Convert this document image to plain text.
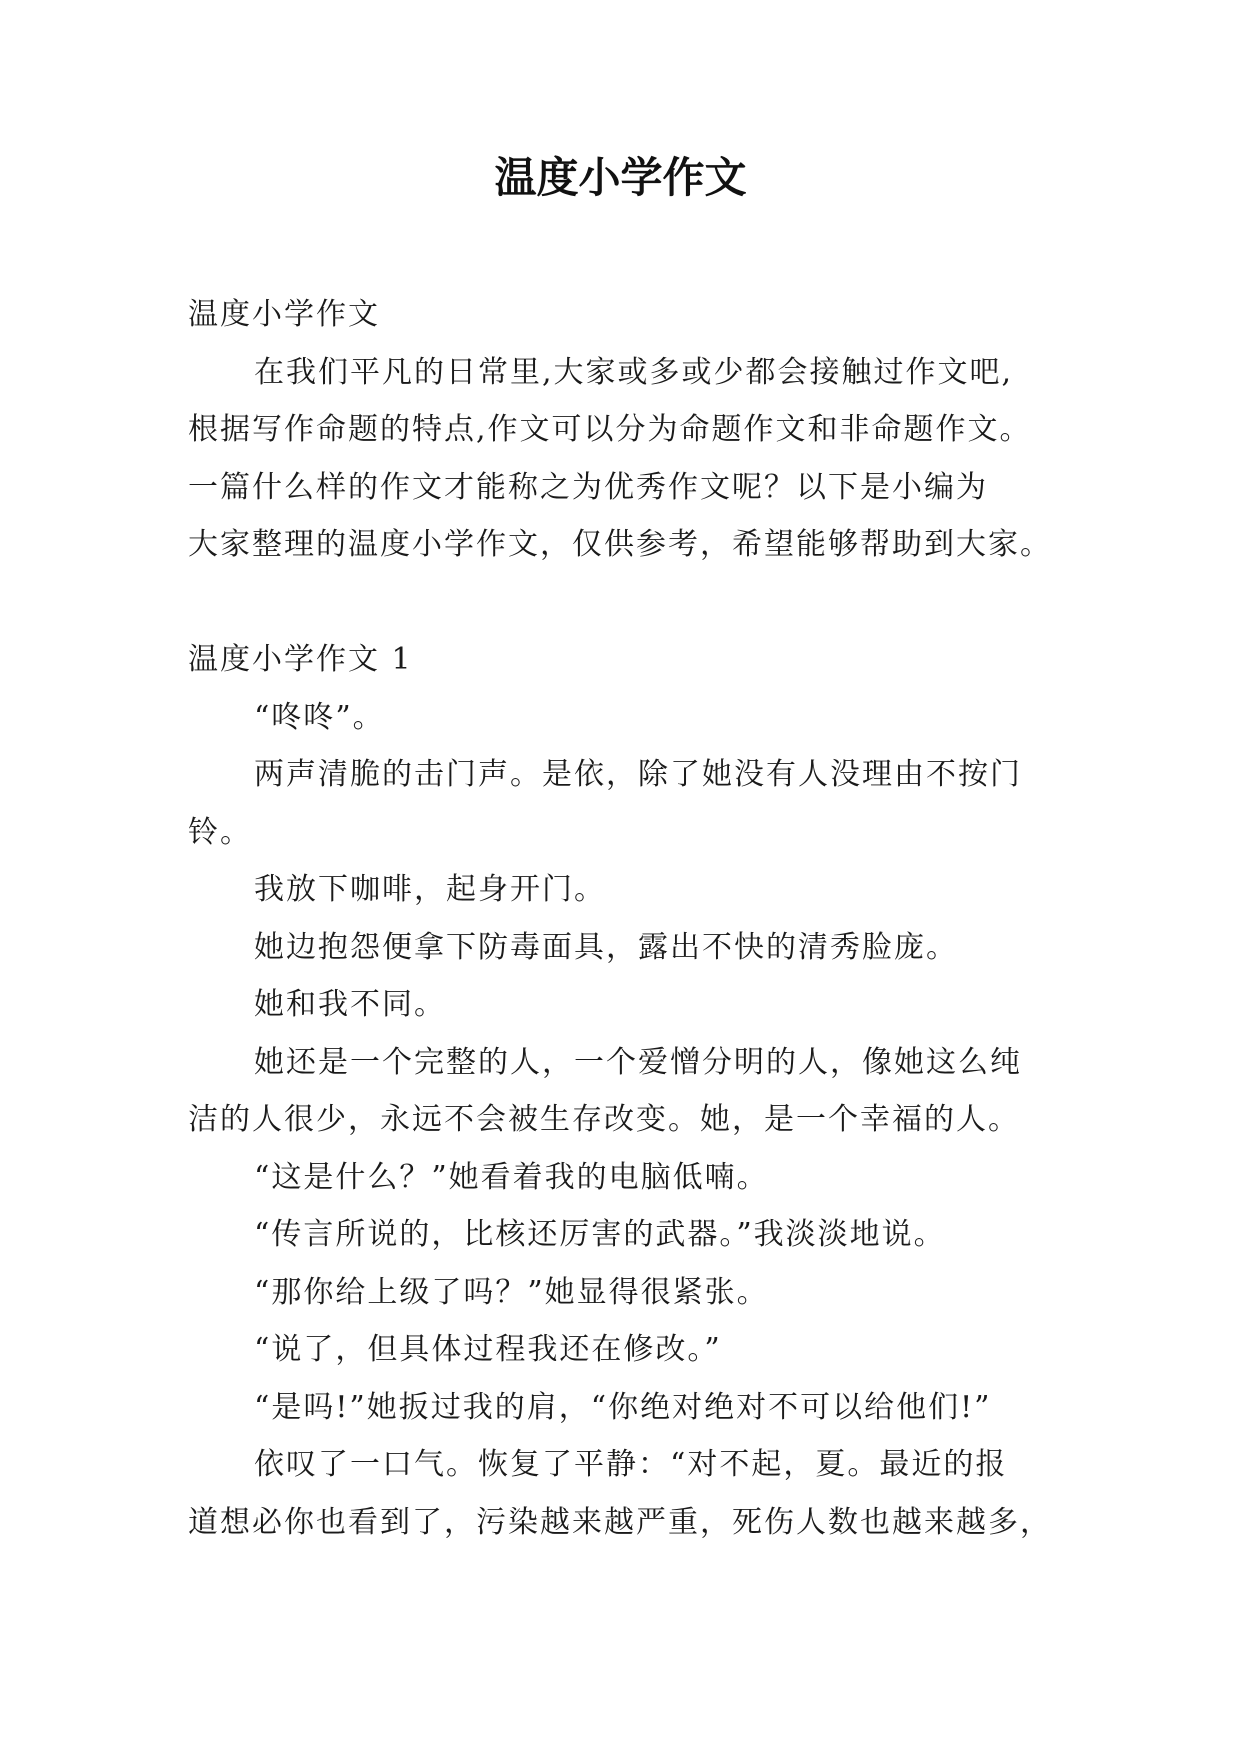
温度小学作文
温度小学作文
在我们平凡的日常里,大家或多或少都会接触过作文吧,
根据写作命题的特点,作文可以分为命题作文和非命题作文。
一篇什么样的作文才能称之为优秀作文呢？以下是小编为
大家整理的温度小学作文，仅供参考，希望能够帮助到大家。
温度小学作文 1
“咚咚”。
两声清脆的击门声。是依，除了她没有人没理由不按门
铃。
我放下咖啡，起身开门。
她边抱怨便拿下防毒面具，露出不快的清秀脸庞。
她和我不同。
她还是一个完整的人，一个爱憎分明的人，像她这么纯
洁的人很少，永远不会被生存改变。她，是一个幸福的人。
“这是什么？”她看着我的电脑低喃。
“传言所说的，比核还厉害的武器。”我淡淡地说。
“那你给上级了吗？”她显得很紧张。
“说了，但具体过程我还在修改。”
“是吗!”她扳过我的肩，“你绝对绝对不可以给他们!”
依叹了一口气。恢复了平静：“对不起，夏。最近的报
道想必你也看到了，污染越来越严重，死伤人数也越来越多，
